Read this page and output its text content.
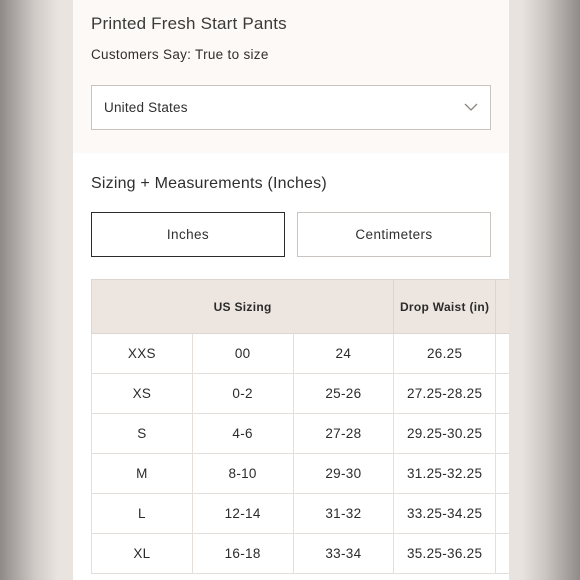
Printed Fresh Start Pants
Customers Say: True to size
United States
Sizing + Measurements (Inches)
Inches	Centimeters
US Sizing			Drop Waist (in)	
XXS	00	24	26.25	
XS	0-2	25-26	27.25-28.25	
S	4-6	27-28	29.25-30.25	
M	8-10	29-30	31.25-32.25	
L	12-14	31-32	33.25-34.25	
XL	16-18	33-34	35.25-36.25	
